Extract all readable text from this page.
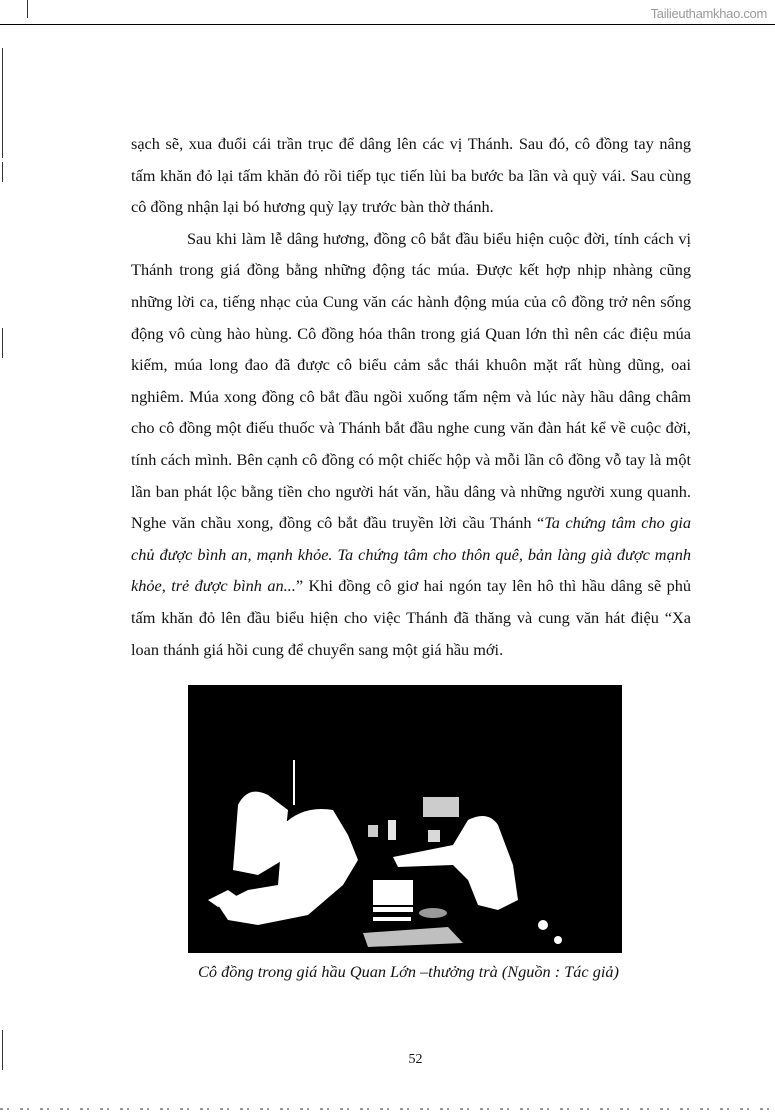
Tailieuthamkhao.com

sạch sẽ, xua đuổi cái trần trục để dâng lên các vị Thánh. Sau đó, cô đồng tay nâng tấm khăn đỏ lại tấm khăn đỏ rồi tiếp tục tiến lùi ba bước ba lần và quỳ vái. Sau cùng cô đồng nhận lại bó hương quỳ lạy trước bàn thờ thánh.

Sau khi làm lễ dâng hương, đồng cô bắt đầu biểu hiện cuộc đời, tính cách vị Thánh trong giá đồng bằng những động tác múa. Được kết hợp nhịp nhàng cũng những lời ca, tiếng nhạc của Cung văn các hành động múa của cô đồng trở nên sống động vô cùng hào hùng. Cô đồng hóa thân trong giá Quan lớn thì nên các điệu múa kiếm, múa long đao đã được cô biểu cảm sắc thái khuôn mặt rất hùng dũng, oai nghiêm. Múa xong đồng cô bắt đầu ngồi xuống tấm nệm và lúc này hầu dâng châm cho cô đồng một điếu thuốc và Thánh bắt đầu nghe cung văn đàn hát kể về cuộc đời, tính cách mình. Bên cạnh cô đồng có một chiếc hộp và mỗi lần cô đồng vỗ tay là một lần ban phát lộc bằng tiền cho người hát văn, hầu dâng và những người xung quanh. Nghe văn chầu xong, đồng cô bắt đầu truyền lời cầu Thánh “Ta chứng tâm cho gia chủ được bình an, mạnh khỏe. Ta chứng tâm cho thôn quê, bản làng già được mạnh khỏe, trẻ được bình an...” Khi đồng cô giơ hai ngón tay lên hô thì hầu dâng sẽ phủ tấm khăn đỏ lên đầu biểu hiện cho việc Thánh đã thăng và cung văn hát điệu “Xa loan thánh giá hồi cung để chuyển sang một giá hầu mới.

Cô đồng trong giá hầu Quan Lớn –thưởng trà (Nguồn : Tác giả)
52
